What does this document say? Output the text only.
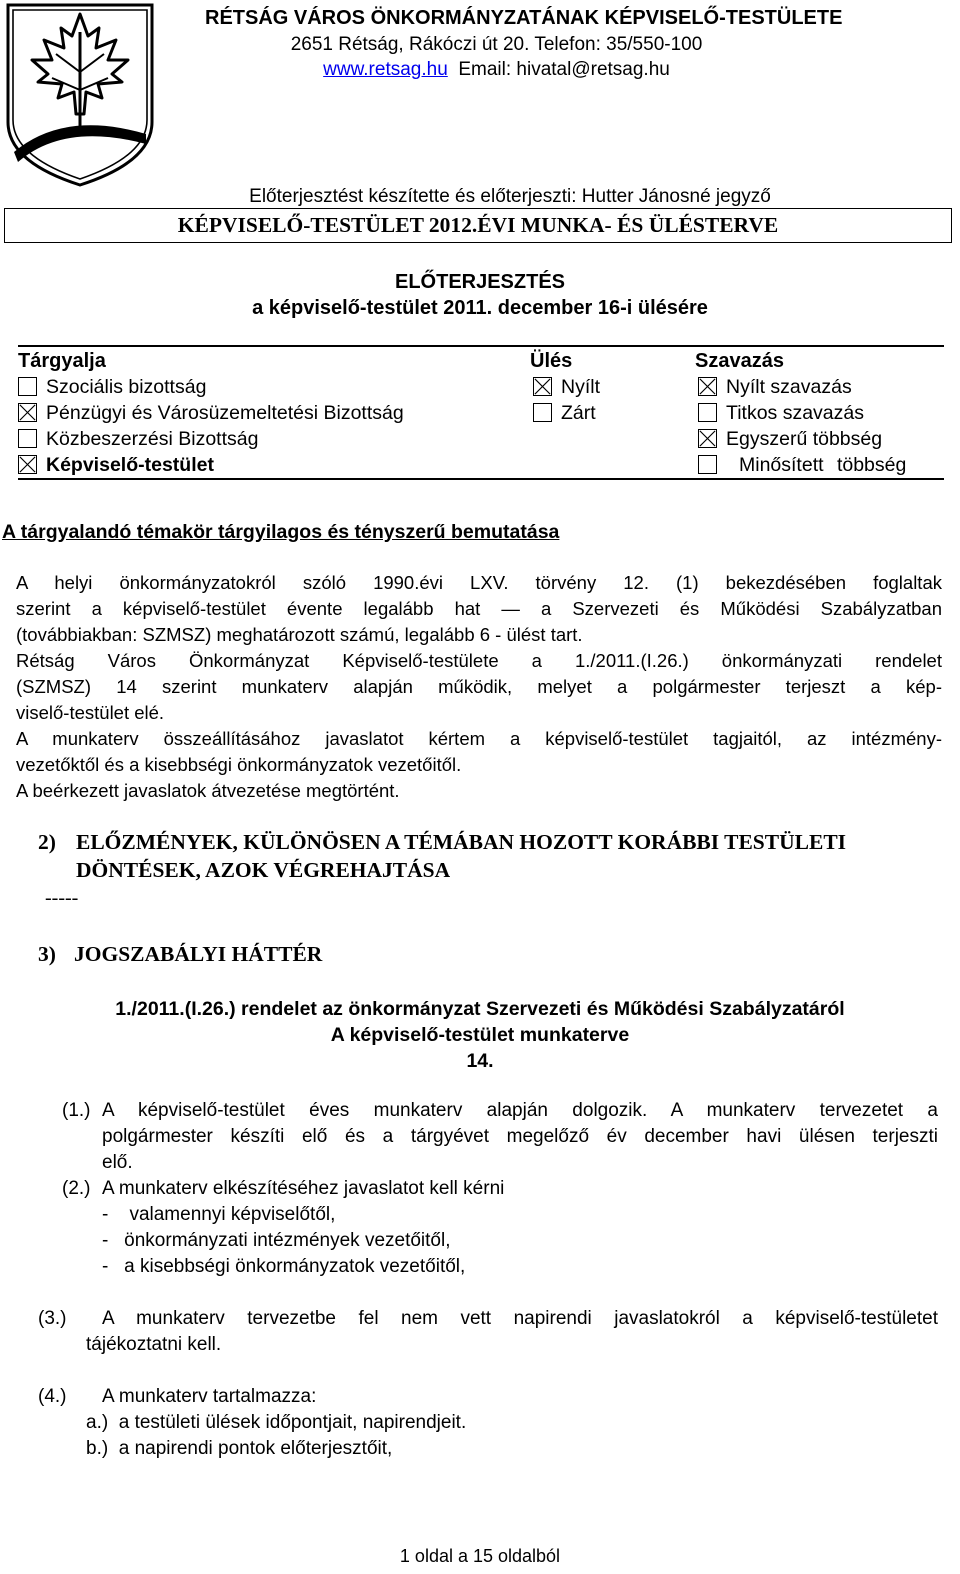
RÉTSÁG VÁROS ÖNKORMÁNYZATÁNAK KÉPVISELŐ-TESTÜLETE
2651 Rétság, Rákóczi út 20. Telefon: 35/550-100
www.retsag.hu Email: hivatal@retsag.hu
Előterjesztést készítette és előterjeszti: Hutter Jánosné jegyző
KÉPVISELŐ-TESTÜLET 2012.ÉVI MUNKA- ÉS ÜLÉSTERVE
ELŐTERJESZTÉS
a képviselő-testület 2011. december 16-i ülésére
Tárgyalja	Ülés	Szavazás
Szociális bizottság
Pénzügyi és Városüzemeltetési Bizottság
Közbeszerzési Bizottság
Képviselő-testület
Nyílt
Zárt
Nyílt szavazás
Titkos szavazás
Egyszerű többség
Minősített többség
A tárgyalandó témakör tárgyilagos és tényszerű bemutatása
A helyi önkormányzatokról szóló 1990.évi LXV. törvény 12. (1) bekezdésében foglaltak
szerint a képviselő-testület évente legalább hat — a Szervezeti és Működési Szabályzatban
(továbbiakban: SZMSZ) meghatározott számú, legalább 6 - ülést tart.
Rétság Város Önkormányzat Képviselő-testülete a 1./2011.(I.26.) önkormányzati rendelet
(SZMSZ) 14 szerint munkaterv alapján működik, melyet a polgármester terjeszt a kép-
viselő-testület elé.
A munkaterv összeállításához javaslatot kértem a képviselő-testület tagjaitól, az intézmény-
vezetőktől és a kisebbségi önkormányzatok vezetőitől.
A beérkezett javaslatok átvezetése megtörtént.
2) ELŐZMÉNYEK, KÜLÖNÖSEN A TÉMÁBAN HOZOTT KORÁBBI TESTÜLETI
DÖNTÉSEK, AZOK VÉGREHAJTÁSA
-----
3) JOGSZABÁLYI HÁTTÉR
1./2011.(I.26.) rendelet az önkormányzat Szervezeti és Működési Szabályzatáról
A képviselő-testület munkaterve
14.
(1.) A képviselő-testület éves munkaterv alapján dolgozik. A munkaterv tervezetet a
polgármester készíti elő és a tárgyévet megelőző év december havi ülésen terjeszti
elő.
(2.) A munkaterv elkészítéséhez javaslatot kell kérni
-    valamennyi képviselőtől,
-   önkormányzati intézmények vezetőitől,
-   a kisebbségi önkormányzatok vezetőitől,
(3.) A munkaterv tervezetbe fel nem vett napirendi javaslatokról a képviselő-testületet
tájékoztatni kell.
(4.) A munkaterv tartalmazza:
a.)  a testületi ülések időpontjait, napirendjeit.
b.)  a napirendi pontok előterjesztőit,
1 oldal a 15 oldalból
